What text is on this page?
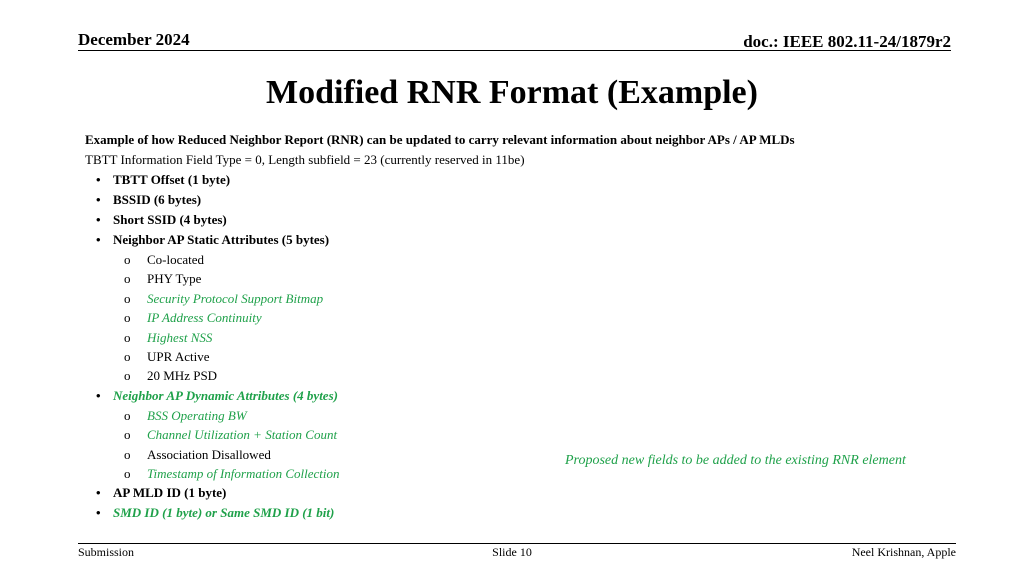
December 2024	doc.: IEEE 802.11-24/1879r2
Modified RNR Format (Example)
Example of how Reduced Neighbor Report (RNR) can be updated to carry relevant information about neighbor APs / AP MLDs
TBTT Information Field Type = 0, Length subfield = 23 (currently reserved in 11be)
• TBTT Offset (1 byte)
• BSSID (6 bytes)
• Short SSID (4 bytes)
• Neighbor AP Static Attributes (5 bytes)
o Co-located
o PHY Type
o Security Protocol Support Bitmap
o IP Address Continuity
o Highest NSS
o UPR Active
o 20 MHz PSD
• Neighbor AP Dynamic Attributes (4 bytes)
o BSS Operating BW
o Channel Utilization + Station Count
o Association Disallowed
o Timestamp of Information Collection
• AP MLD ID (1 byte)
• SMD ID (1 byte) or Same SMD ID (1 bit)
Proposed new fields to be added to the existing RNR element
Submission	Slide 10	Neel Krishnan, Apple
